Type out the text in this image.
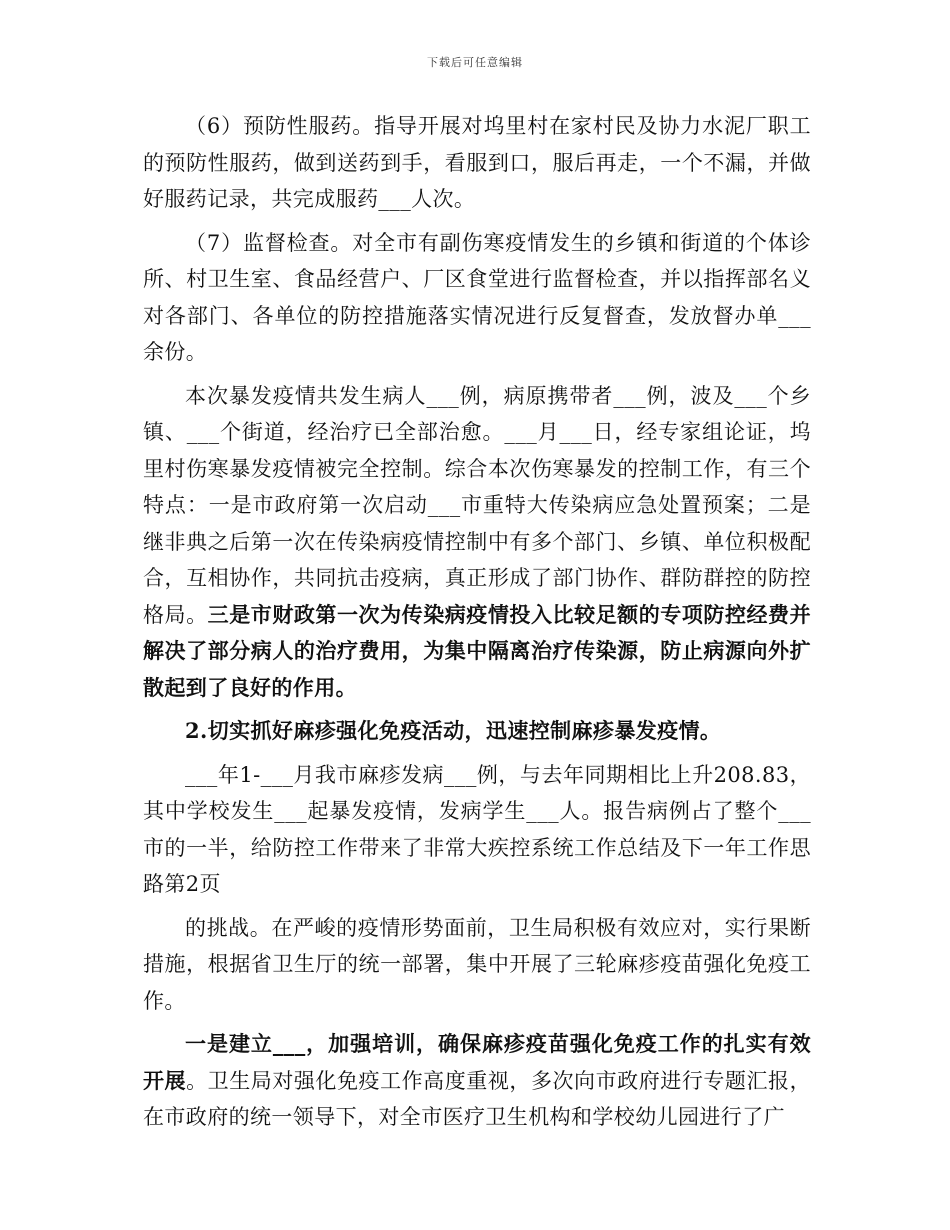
下载后可任意编辑

（6）预防性服药。指导开展对坞里村在家村民及协力水泥厂职工的预防性服药，做到送药到手，看服到口，服后再走，一个不漏，并做好服药记录，共完成服药___人次。

（7）监督检查。对全市有副伤寒疫情发生的乡镇和街道的个体诊所、村卫生室、食品经营户、厂区食堂进行监督检查，并以指挥部名义对各部门、各单位的防控措施落实情况进行反复督查，发放督办单___余份。

本次暴发疫情共发生病人___例，病原携带者___例，波及___个乡镇、___个街道，经治疗已全部治愈。___月___日，经专家组论证，坞里村伤寒暴发疫情被完全控制。综合本次伤寒暴发的控制工作，有三个特点：一是市政府第一次启动___市重特大传染病应急处置预案；二是继非典之后第一次在传染病疫情控制中有多个部门、乡镇、单位积极配合，互相协作，共同抗击疫病，真正形成了部门协作、群防群控的防控格局。三是市财政第一次为传染病疫情投入比较足额的专项防控经费并解决了部分病人的治疗费用，为集中隔离治疗传染源，防止病源向外扩散起到了良好的作用。

2.切实抓好麻疹强化免疫活动，迅速控制麻疹暴发疫情。

___年1-___月我市麻疹发病___例，与去年同期相比上升208.83，其中学校发生___起暴发疫情，发病学生___人。报告病例占了整个___市的一半，给防控工作带来了非常大疾控系统工作总结及下一年工作思路第2页

的挑战。在严峻的疫情形势面前，卫生局积极有效应对，实行果断措施，根据省卫生厅的统一部署，集中开展了三轮麻疹疫苗强化免疫工作。

一是建立___，加强培训，确保麻疹疫苗强化免疫工作的扎实有效开展。卫生局对强化免疫工作高度重视，多次向市政府进行专题汇报，在市政府的统一领导下，对全市医疗卫生机构和学校幼儿园进行了广
